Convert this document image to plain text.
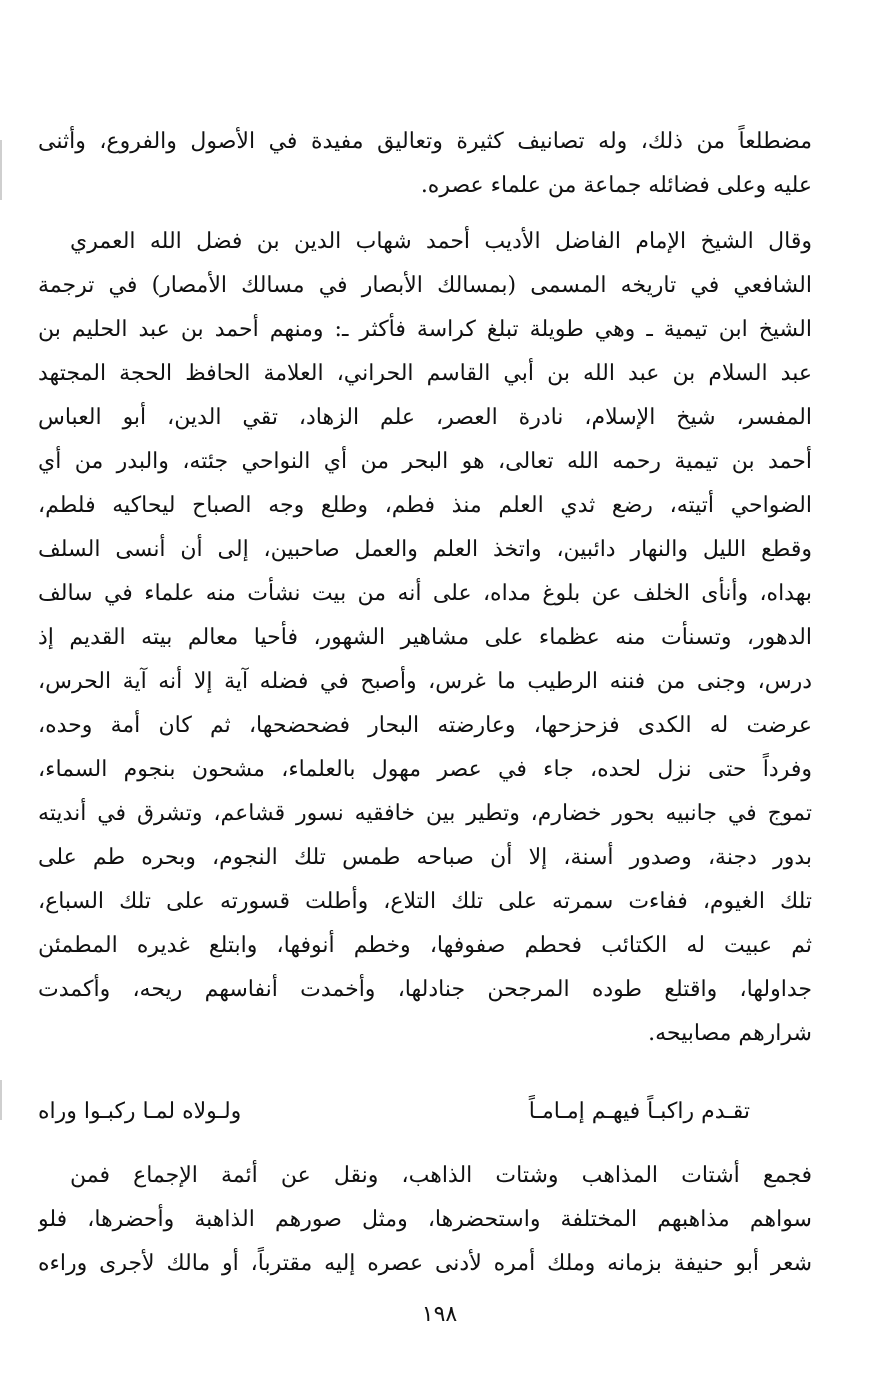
مضطلعاً من ذلك، وله تصانيف كثيرة وتعاليق مفيدة في الأصول والفروع، وأثنى
عليه وعلى فضائله جماعة من علماء عصره.
وقال الشيخ الإمام الفاضل الأديب أحمد شهاب الدين بن فضل الله العمري
الشافعي في تاريخه المسمى (بمسالك الأبصار في مسالك الأمصار) في ترجمة
الشيخ ابن تيمية ـ وهي طويلة تبلغ كراسة فأكثر ـ: ومنهم أحمد بن عبد الحليم بن
عبد السلام بن عبد الله بن أبي القاسم الحراني، العلامة الحافظ الحجة المجتهد
المفسر، شيخ الإسلام، نادرة العصر، علم الزهاد، تقي الدين، أبو العباس
أحمد بن تيمية رحمه الله تعالى، هو البحر من أي النواحي جئته، والبدر من أي
الضواحي أتيته، رضع ثدي العلم منذ فطم، وطلع وجه الصباح ليحاكيه فلطم،
وقطع الليل والنهار دائبين، واتخذ العلم والعمل صاحبين، إلى أن أنسى السلف
بهداه، وأنأى الخلف عن بلوغ مداه، على أنه من بيت نشأت منه علماء في سالف
الدهور، وتسنأت منه عظماء على مشاهير الشهور، فأحيا معالم بيته القديم إذ
درس، وجنى من فننه الرطيب ما غرس، وأصبح في فضله آية إلا أنه آية الحرس،
عرضت له الكدى فزحزحها، وعارضته البحار فضحضحها، ثم كان أمة وحده،
وفرداً حتى نزل لحده، جاء في عصر مهول بالعلماء، مشحون بنجوم السماء،
تموج في جانبيه بحور خضارم، وتطير بين خافقيه نسور قشاعم، وتشرق في أنديته
بدور دجنة، وصدور أسنة، إلا أن صباحه طمس تلك النجوم، وبحره طم على
تلك الغيوم، ففاءت سمرته على تلك التلاع، وأطلت قسورته على تلك السباع،
ثم عبيت له الكتائب فحطم صفوفها، وخطم أنوفها، وابتلع غديره المطمئن
جداولها، واقتلع طوده المرجحن جنادلها، وأخمدت أنفاسهم ريحه، وأكمدت
شرارهم مصابيحه.
تقـدم راكبـاً فيهـم إمـامـاً
ولـولاه لمـا ركبـوا وراه
فجمع أشتات المذاهب وشتات الذاهب، ونقل عن أئمة الإجماع فمن
سواهم مذاهبهم المختلفة واستحضرها، ومثل صورهم الذاهبة وأحضرها، فلو
شعر أبو حنيفة بزمانه وملك أمره لأدنى عصره إليه مقترباً، أو مالك لأجرى وراءه
١٩٨
